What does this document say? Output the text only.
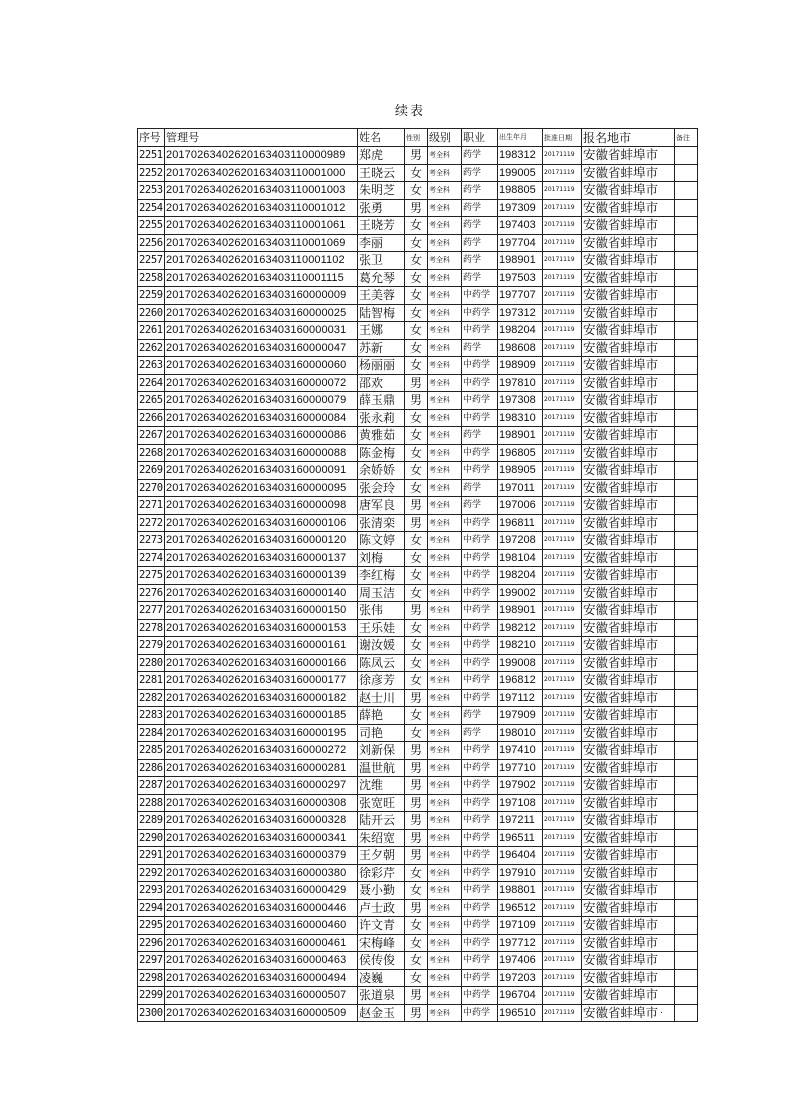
续表
序号	管理号	姓名	性别	级别	职业	出生年月	批准日期	报名地市	备注
2251	20170263402620163403110000989	郑虎	男	考全科	药学	198312	20171119	安徽省蚌埠市	
2252	20170263402620163403110001000	王晓云	女	考全科	药学	199005	20171119	安徽省蚌埠市	
2253	20170263402620163403110001003	朱明芝	女	考全科	药学	198805	20171119	安徽省蚌埠市	
2254	20170263402620163403110001012	张勇	男	考全科	药学	197309	20171119	安徽省蚌埠市	
2255	20170263402620163403110001061	王晓芳	女	考全科	药学	197403	20171119	安徽省蚌埠市	
2256	20170263402620163403110001069	李丽	女	考全科	药学	197704	20171119	安徽省蚌埠市	
2257	20170263402620163403110001102	张卫	女	考全科	药学	198901	20171119	安徽省蚌埠市	
2258	20170263402620163403110001115	葛允琴	女	考全科	药学	197503	20171119	安徽省蚌埠市	
2259	20170263402620163403160000009	王美蓉	女	考全科	中药学	197707	20171119	安徽省蚌埠市	
2260	20170263402620163403160000025	陆智梅	女	考全科	中药学	197312	20171119	安徽省蚌埠市	
2261	20170263402620163403160000031	王娜	女	考全科	中药学	198204	20171119	安徽省蚌埠市	
2262	20170263402620163403160000047	苏新	女	考全科	药学	198608	20171119	安徽省蚌埠市	
2263	20170263402620163403160000060	杨丽丽	女	考全科	中药学	198909	20171119	安徽省蚌埠市	
2264	20170263402620163403160000072	邵欢	男	考全科	中药学	197810	20171119	安徽省蚌埠市	
2265	20170263402620163403160000079	薛玉鼎	男	考全科	中药学	197308	20171119	安徽省蚌埠市	
2266	20170263402620163403160000084	张永莉	女	考全科	中药学	198310	20171119	安徽省蚌埠市	
2267	20170263402620163403160000086	黄雅茹	女	考全科	药学	198901	20171119	安徽省蚌埠市	
2268	20170263402620163403160000088	陈金梅	女	考全科	中药学	196805	20171119	安徽省蚌埠市	
2269	20170263402620163403160000091	余娇娇	女	考全科	中药学	198905	20171119	安徽省蚌埠市	
2270	20170263402620163403160000095	张会玲	女	考全科	药学	197011	20171119	安徽省蚌埠市	
2271	20170263402620163403160000098	唐军良	男	考全科	药学	197006	20171119	安徽省蚌埠市	
2272	20170263402620163403160000106	张清栾	男	考全科	中药学	196811	20171119	安徽省蚌埠市	
2273	20170263402620163403160000120	陈文婷	女	考全科	中药学	197208	20171119	安徽省蚌埠市	
2274	20170263402620163403160000137	刘梅	女	考全科	中药学	198104	20171119	安徽省蚌埠市	
2275	20170263402620163403160000139	李红梅	女	考全科	中药学	198204	20171119	安徽省蚌埠市	
2276	20170263402620163403160000140	周玉洁	女	考全科	中药学	199002	20171119	安徽省蚌埠市	
2277	20170263402620163403160000150	张伟	男	考全科	中药学	198901	20171119	安徽省蚌埠市	
2278	20170263402620163403160000153	王乐娃	女	考全科	中药学	198212	20171119	安徽省蚌埠市	
2279	20170263402620163403160000161	谢汝媛	女	考全科	中药学	198210	20171119	安徽省蚌埠市	
2280	20170263402620163403160000166	陈凤云	女	考全科	中药学	199008	20171119	安徽省蚌埠市	
2281	20170263402620163403160000177	徐彦芳	女	考全科	中药学	196812	20171119	安徽省蚌埠市	
2282	20170263402620163403160000182	赵士川	男	考全科	中药学	197112	20171119	安徽省蚌埠市	
2283	20170263402620163403160000185	薛艳	女	考全科	药学	197909	20171119	安徽省蚌埠市	
2284	20170263402620163403160000195	司艳	女	考全科	药学	198010	20171119	安徽省蚌埠市	
2285	20170263402620163403160000272	刘新保	男	考全科	中药学	197410	20171119	安徽省蚌埠市	
2286	20170263402620163403160000281	温世航	男	考全科	中药学	197710	20171119	安徽省蚌埠市	
2287	20170263402620163403160000297	沈维	男	考全科	中药学	197902	20171119	安徽省蚌埠市	
2288	20170263402620163403160000308	张宽旺	男	考全科	中药学	197108	20171119	安徽省蚌埠市	
2289	20170263402620163403160000328	陆开云	男	考全科	中药学	197211	20171119	安徽省蚌埠市	
2290	20170263402620163403160000341	朱绍宽	男	考全科	中药学	196511	20171119	安徽省蚌埠市	
2291	20170263402620163403160000379	王夕朝	男	考全科	中药学	196404	20171119	安徽省蚌埠市	
2292	20170263402620163403160000380	徐彩芹	女	考全科	中药学	197910	20171119	安徽省蚌埠市	
2293	20170263402620163403160000429	聂小勤	女	考全科	中药学	198801	20171119	安徽省蚌埠市	
2294	20170263402620163403160000446	卢士政	男	考全科	中药学	196512	20171119	安徽省蚌埠市	
2295	20170263402620163403160000460	许文青	女	考全科	中药学	197109	20171119	安徽省蚌埠市	
2296	20170263402620163403160000461	宋梅峰	女	考全科	中药学	197712	20171119	安徽省蚌埠市	
2297	20170263402620163403160000463	侯传俊	女	考全科	中药学	197406	20171119	安徽省蚌埠市	
2298	20170263402620163403160000494	凌巍	女	考全科	中药学	197203	20171119	安徽省蚌埠市	
2299	20170263402620163403160000507	张道泉	男	考全科	中药学	196704	20171119	安徽省蚌埠市	
2300	20170263402620163403160000509	赵金玉	男	考全科	中药学	196510	20171119	安徽省蚌埠市	.
